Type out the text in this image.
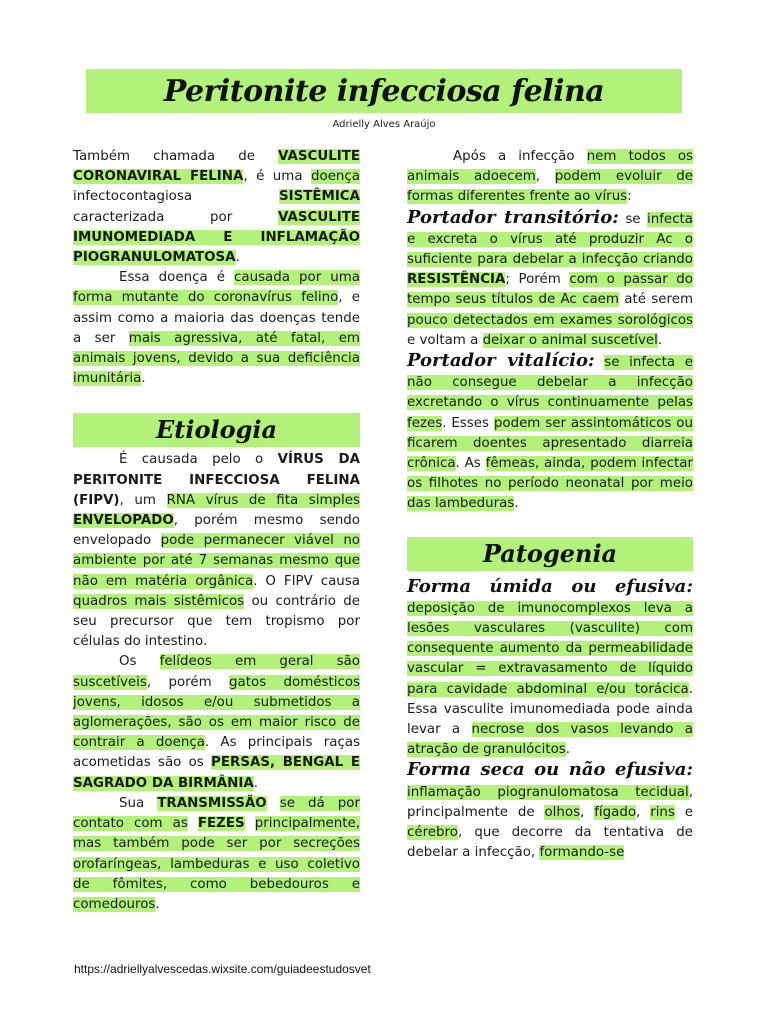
Peritonite infecciosa felina
Adrielly Alves Araújo

Também chamada de VASCULITE CORONAVIRAL FELINA, é uma doença infectocontagiosa SISTÊMICA caracterizada por VASCULITE IMUNOMEDIADA E INFLAMAÇÃO PIOGRANULOMATOSA.

Essa doença é causada por uma forma mutante do coronavírus felino, e assim como a maioria das doenças tende a ser mais agressiva, até fatal, em animais jovens, devido a sua deficiência imunitária.

Etiologia

É causada pelo o VÍRUS DA PERITONITE INFECCIOSA FELINA (FIPV), um RNA vírus de fita simples ENVELOPADO, porém mesmo sendo envelopado pode permanecer viável no ambiente por até 7 semanas mesmo que não em matéria orgânica. O FIPV causa quadros mais sistêmicos ou contrário de seu precursor que tem tropismo por células do intestino.

Os felídeos em geral são suscetíveis, porém gatos domésticos jovens, idosos e/ou submetidos a aglomerações, são os em maior risco de contrair a doença. As principais raças acometidas são os PERSAS, BENGAL E SAGRADO DA BIRMÂNIA.

Sua TRANSMISSÃO se dá por contato com as FEZES principalmente, mas também pode ser por secreções orofaríngeas, lambeduras e uso coletivo de fômites, como bebedouros e comedouros.

Após a infecção nem todos os animais adoecem, podem evoluir de formas diferentes frente ao vírus:

Portador transitório: se infecta e excreta o vírus até produzir Ac o suficiente para debelar a infecção criando RESISTÊNCIA; Porém com o passar do tempo seus títulos de Ac caem até serem pouco detectados em exames sorológicos e voltam a deixar o animal suscetível.

Portador vitalício: se infecta e não consegue debelar a infecção excretando o vírus continuamente pelas fezes. Esses podem ser assintomáticos ou ficarem doentes apresentado diarreia crônica. As fêmeas, ainda, podem infectar os filhotes no período neonatal por meio das lambeduras.

Patogenia

Forma úmida ou efusiva:

deposição de imunocomplexos leva a lesões vasculares (vasculite) com consequente aumento da permeabilidade vascular = extravasamento de líquido para cavidade abdominal e/ou torácica. Essa vasculite imunomediada pode ainda levar a necrose dos vasos levando a atração de granulócitos.

Forma seca ou não efusiva:

inflamação piogranulomatosa tecidual, principalmente de olhos, fígado, rins e cérebro, que decorre da tentativa de debelar a infecção, formando-se

https://adriellyalvescedas.wixsite.com/guiadeestudosvet
